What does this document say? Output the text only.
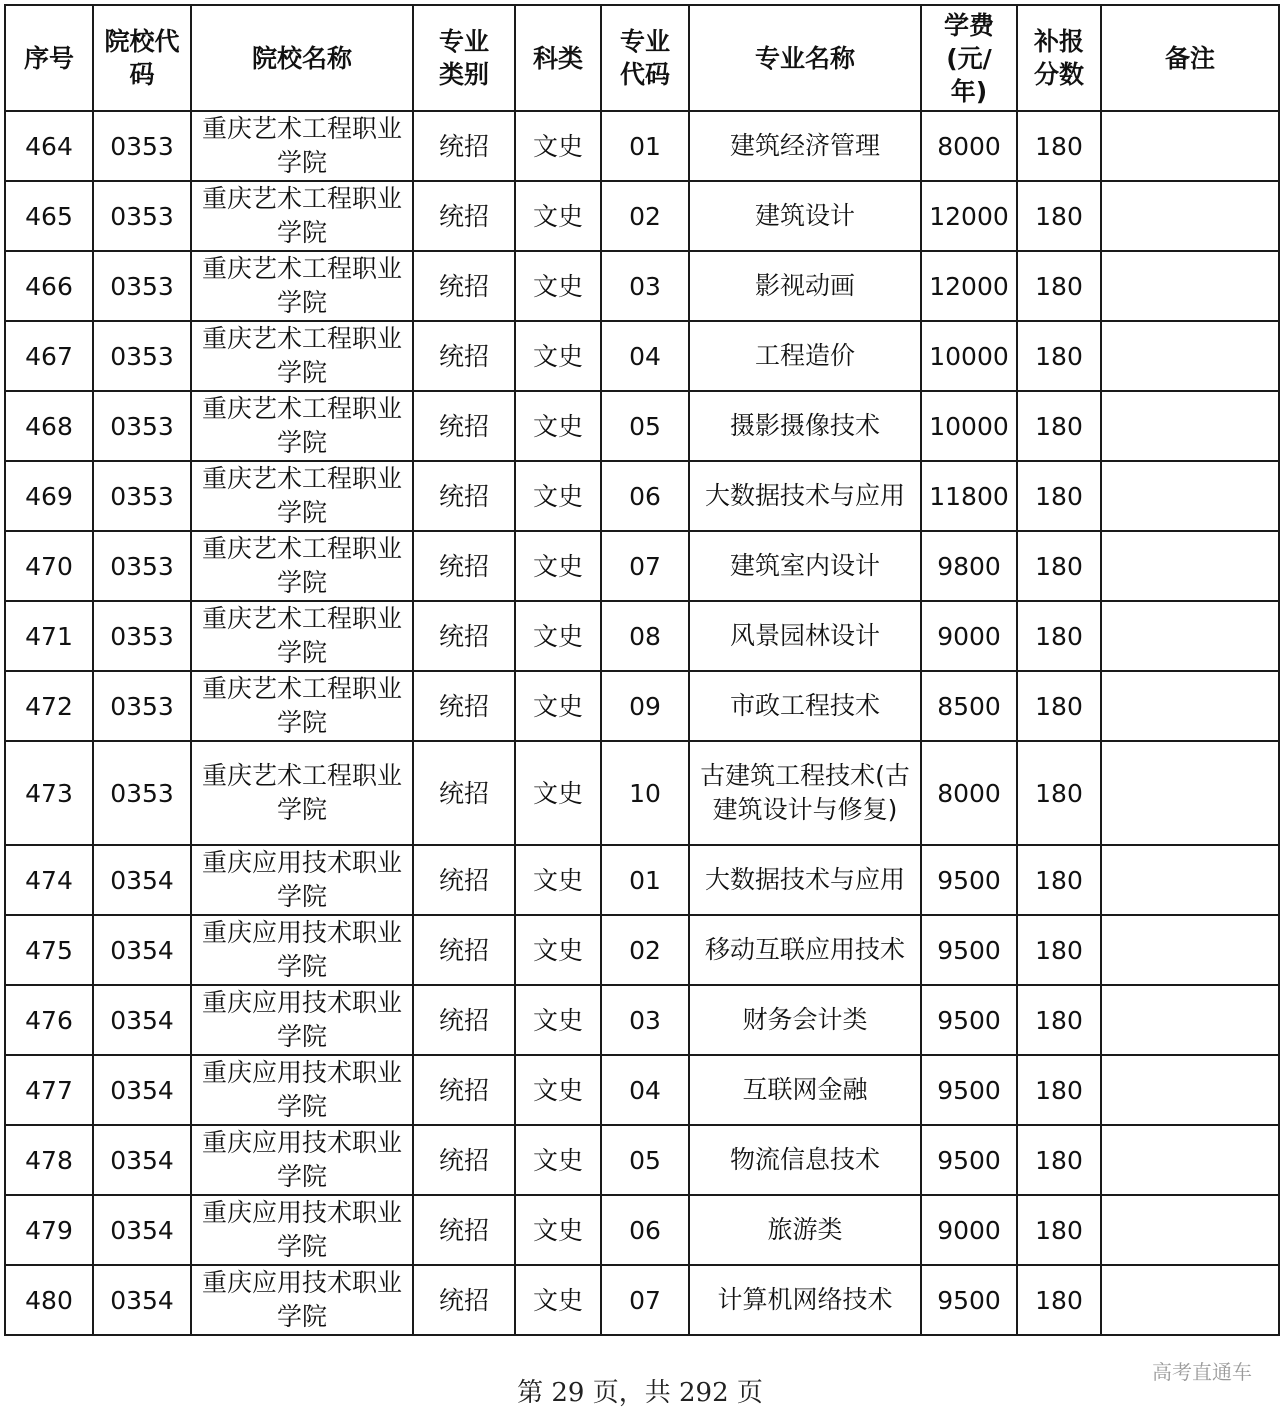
序号	院校代码	院校名称	专业类别	科类	专业代码	专业名称	学费(元/年)	补报分数	备注
464	0353	重庆艺术工程职业学院	统招	文史	01	建筑经济管理	8000	180	
465	0353	重庆艺术工程职业学院	统招	文史	02	建筑设计	12000	180	
466	0353	重庆艺术工程职业学院	统招	文史	03	影视动画	12000	180	
467	0353	重庆艺术工程职业学院	统招	文史	04	工程造价	10000	180	
468	0353	重庆艺术工程职业学院	统招	文史	05	摄影摄像技术	10000	180	
469	0353	重庆艺术工程职业学院	统招	文史	06	大数据技术与应用	11800	180	
470	0353	重庆艺术工程职业学院	统招	文史	07	建筑室内设计	9800	180	
471	0353	重庆艺术工程职业学院	统招	文史	08	风景园林设计	9000	180	
472	0353	重庆艺术工程职业学院	统招	文史	09	市政工程技术	8500	180	
473	0353	重庆艺术工程职业学院	统招	文史	10	古建筑工程技术(古建筑设计与修复)	8000	180	
474	0354	重庆应用技术职业学院	统招	文史	01	大数据技术与应用	9500	180	
475	0354	重庆应用技术职业学院	统招	文史	02	移动互联应用技术	9500	180	
476	0354	重庆应用技术职业学院	统招	文史	03	财务会计类	9500	180	
477	0354	重庆应用技术职业学院	统招	文史	04	互联网金融	9500	180	
478	0354	重庆应用技术职业学院	统招	文史	05	物流信息技术	9500	180	
479	0354	重庆应用技术职业学院	统招	文史	06	旅游类	9000	180	
480	0354	重庆应用技术职业学院	统招	文史	07	计算机网络技术	9500	180	
第 29 页，共 292 页
高考直通车
